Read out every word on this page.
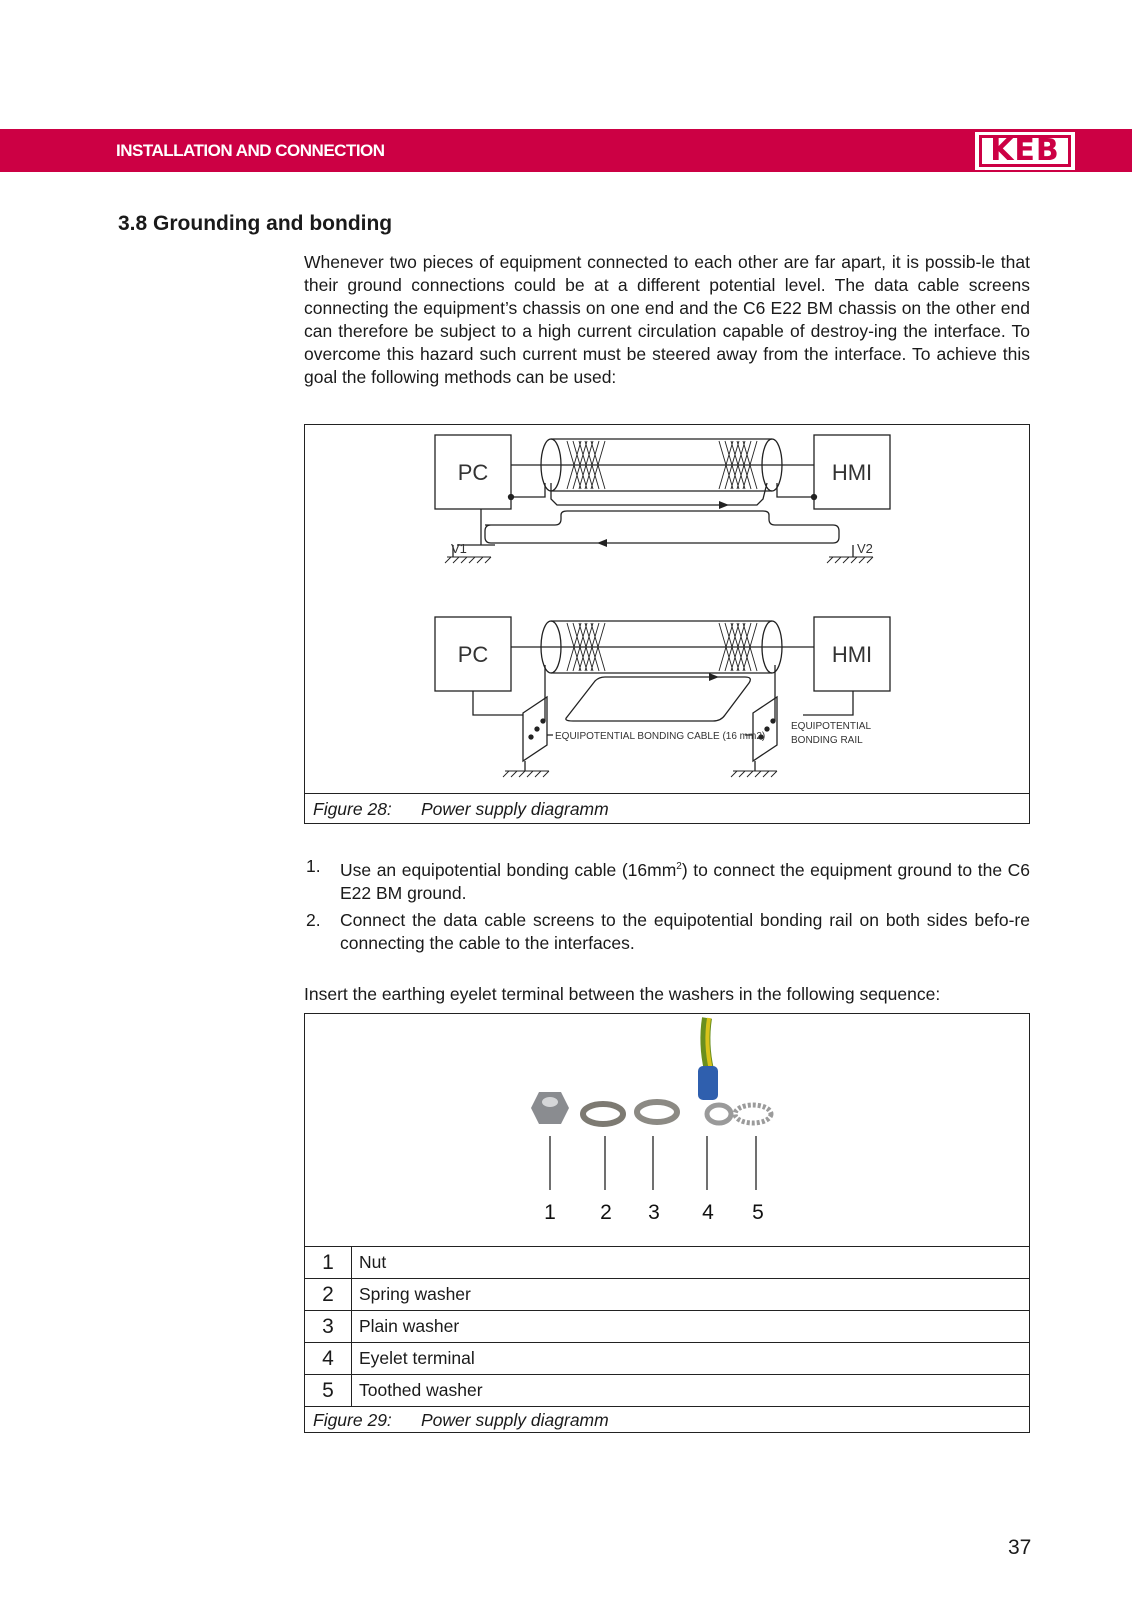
INSTALLATION AND CONNECTION	KEB
3.8 Grounding and bonding
Whenever two pieces of equipment connected to each other are far apart, it is possib-le that their ground connections could be at a different potential level. The data cable screens connecting the equipment’s chassis on one end and the C6 E22 BM chassis on the other end can therefore be subject to a high current circulation capable of destroy-ing the interface. To overcome this hazard such current must be steered away from the interface. To achieve this goal the following methods can be used:
PC	HMI
V1	V2
PC	HMI
EQUIPOTENTIAL BONDING CABLE (16 mm2)
EQUIPOTENTIAL
BONDING RAIL
Figure 28: Power supply diagramm
1. Use an equipotential bonding cable $(16mm^2)$ to connect the equipment ground to the C6 E22 BM ground.
2. Connect the data cable screens to the equipotential bonding rail on both sides befo-re connecting the cable to the interfaces.
Insert the earthing eyelet terminal between the washers in the following sequence:
1 2 3 4 5
1	Nut
2	Spring washer
3	Plain washer
4	Eyelet terminal
5	Toothed washer
Figure 29: Power supply diagramm
37
